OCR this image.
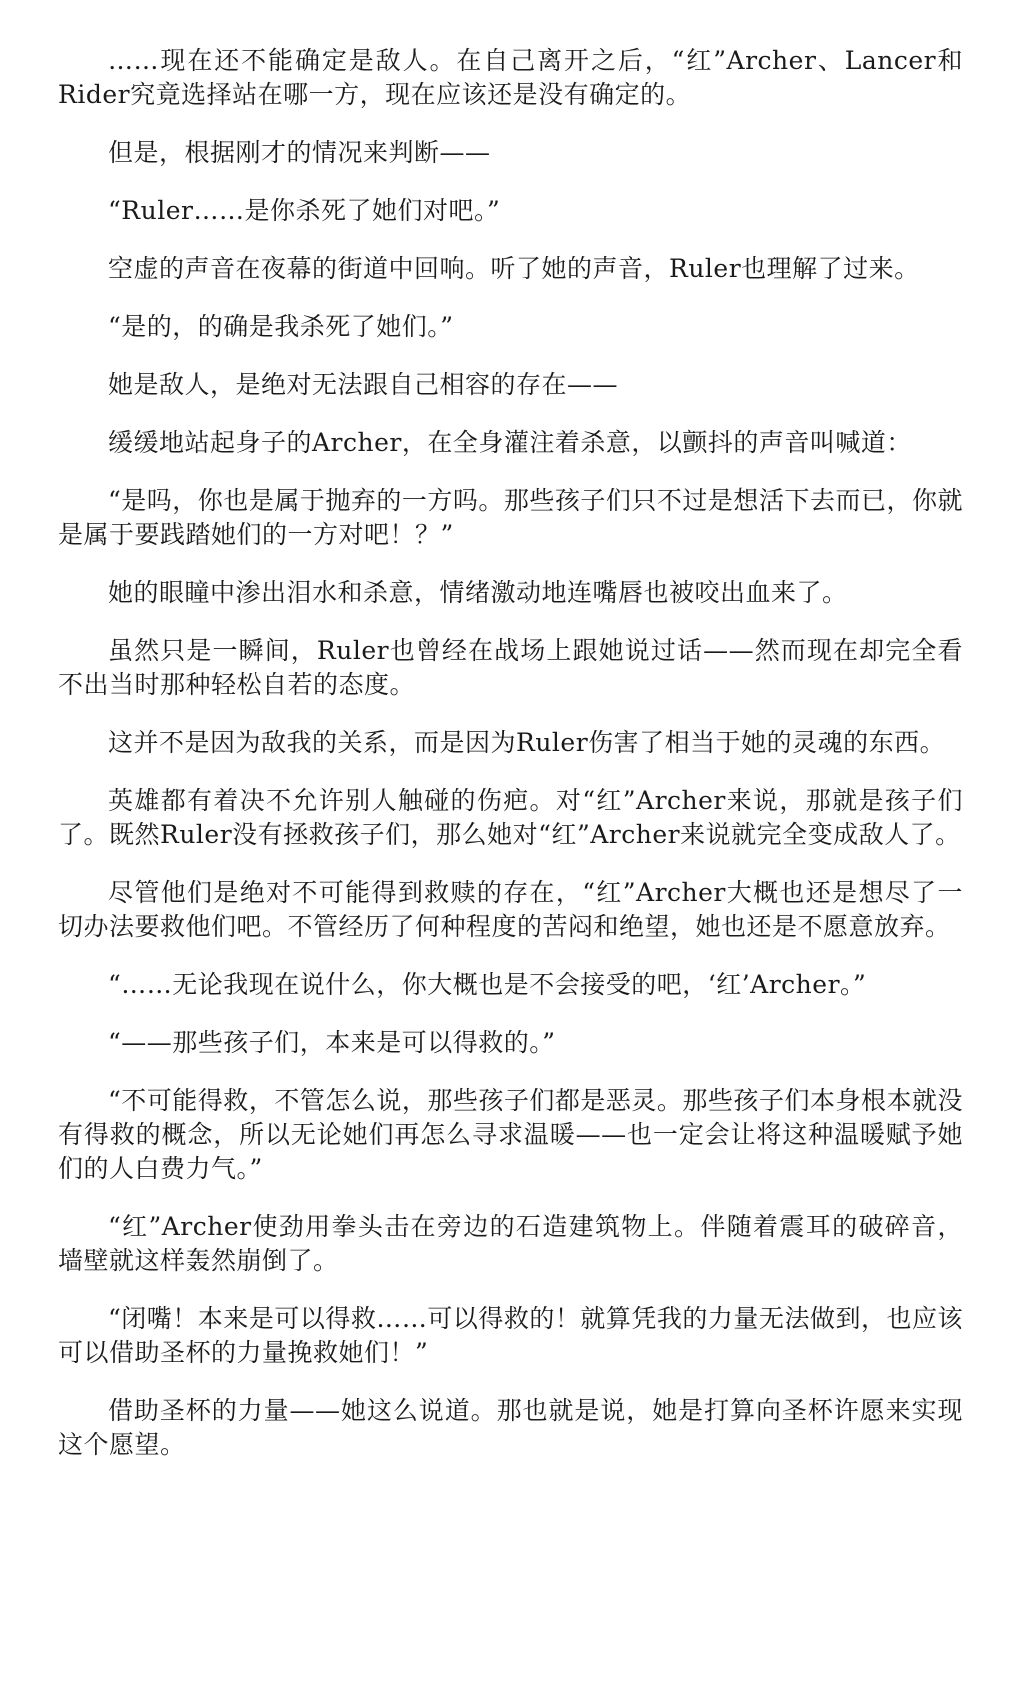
……现在还不能确定是敌人。在自己离开之后，“红”Archer、Lancer和Rider究竟选择站在哪一方，现在应该还是没有确定的。

但是，根据刚才的情况来判断——

“Ruler……是你杀死了她们对吧。”

空虚的声音在夜幕的街道中回响。听了她的声音，Ruler也理解了过来。

“是的，的确是我杀死了她们。”

她是敌人，是绝对无法跟自己相容的存在——

缓缓地站起身子的Archer，在全身灌注着杀意，以颤抖的声音叫喊道：

“是吗，你也是属于抛弃的一方吗。那些孩子们只不过是想活下去而已，你就是属于要践踏她们的一方对吧！？”

她的眼瞳中渗出泪水和杀意，情绪激动地连嘴唇也被咬出血来了。

虽然只是一瞬间，Ruler也曾经在战场上跟她说过话——然而现在却完全看不出当时那种轻松自若的态度。

这并不是因为敌我的关系，而是因为Ruler伤害了相当于她的灵魂的东西。

英雄都有着决不允许别人触碰的伤疤。对“红”Archer来说，那就是孩子们了。既然Ruler没有拯救孩子们，那么她对“红”Archer来说就完全变成敌人了。

尽管他们是绝对不可能得到救赎的存在，“红”Archer大概也还是想尽了一切办法要救他们吧。不管经历了何种程度的苦闷和绝望，她也还是不愿意放弃。

“……无论我现在说什么，你大概也是不会接受的吧，‘红’Archer。”

“——那些孩子们，本来是可以得救的。”

“不可能得救，不管怎么说，那些孩子们都是恶灵。那些孩子们本身根本就没有得救的概念，所以无论她们再怎么寻求温暖——也一定会让将这种温暖赋予她们的人白费力气。”

“红”Archer使劲用拳头击在旁边的石造建筑物上。伴随着震耳的破碎音，墙壁就这样轰然崩倒了。

“闭嘴！本来是可以得救……可以得救的！就算凭我的力量无法做到，也应该可以借助圣杯的力量挽救她们！”

借助圣杯的力量——她这么说道。那也就是说，她是打算向圣杯许愿来实现这个愿望。
